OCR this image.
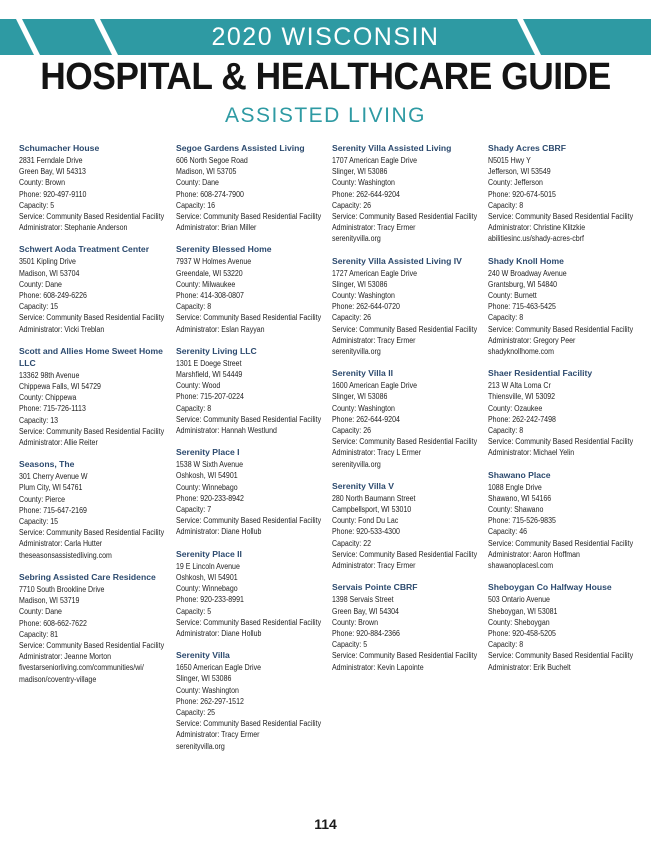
2020 WISCONSIN
HOSPITAL & HEALTHCARE GUIDE
ASSISTED LIVING
Schumacher House
2831 Ferndale Drive
Green Bay, WI 54313
County: Brown
Phone: 920-497-9110
Capacity: 5
Service: Community Based Residential Facility
Administrator: Stephanie Anderson
Schwert Aoda Treatment Center
3501 Kipling Drive
Madison, WI 53704
County: Dane
Phone: 608-249-6226
Capacity: 15
Service: Community Based Residential Facility
Administrator: Vicki Treblan
Scott and Allies Home Sweet Home LLC
13362 98th Avenue
Chippewa Falls, WI 54729
County: Chippewa
Phone: 715-726-1113
Capacity: 13
Service: Community Based Residential Facility
Administrator: Allie Reiter
Seasons, The
301 Cherry Avenue W
Plum City, WI 54761
County: Pierce
Phone: 715-647-2169
Capacity: 15
Service: Community Based Residential Facility
Administrator: Carla Hutter
theseasonsassistedliving.com
Sebring Assisted Care Residence
7710 South Brookline Drive
Madison, WI 53719
County: Dane
Phone: 608-662-7622
Capacity: 81
Service: Community Based Residential Facility
Administrator: Jeanne Morton
fivestarseniorliving.com/communities/wi/
madison/coventry-village
Segoe Gardens Assisted Living
606 North Segoe Road
Madison, WI 53705
County: Dane
Phone: 608-274-7900
Capacity: 16
Service: Community Based Residential Facility
Administrator: Brian Miller
Serenity Blessed Home
7937 W Holmes Avenue
Greendale, WI 53220
County: Milwaukee
Phone: 414-308-0807
Capacity: 8
Service: Community Based Residential Facility
Administrator: Eslan Rayyan
Serenity Living LLC
1301 E Doege Street
Marshfield, WI 54449
County: Wood
Phone: 715-207-0224
Capacity: 8
Service: Community Based Residential Facility
Administrator: Hannah Westlund
Serenity Place I
1538 W Sixth Avenue
Oshkosh, WI 54901
County: Winnebago
Phone: 920-233-8942
Capacity: 7
Service: Community Based Residential Facility
Administrator: Diane Hollub
Serenity Place II
19 E Lincoln Avenue
Oshkosh, WI 54901
County: Winnebago
Phone: 920-233-8991
Capacity: 5
Service: Community Based Residential Facility
Administrator: Diane Hollub
Serenity Villa
1650 American Eagle Drive
Slinger, WI 53086
County: Washington
Phone: 262-297-1512
Capacity: 25
Service: Community Based Residential Facility
Administrator: Tracy Ermer
serenityvilla.org
Serenity Villa Assisted Living
1707 American Eagle Drive
Slinger, WI 53086
County: Washington
Phone: 262-644-9204
Capacity: 26
Service: Community Based Residential Facility
Administrator: Tracy Ermer
serenityvilla.org
Serenity Villa Assisted Living IV
1727 American Eagle Drive
Slinger, WI 53086
County: Washington
Phone: 262-644-0720
Capacity: 26
Service: Community Based Residential Facility
Administrator: Tracy Ermer
serenityvilla.org
Serenity Villa II
1600 American Eagle Drive
Slinger, WI 53086
County: Washington
Phone: 262-644-9204
Capacity: 26
Service: Community Based Residential Facility
Administrator: Tracy L Ermer
serenityvilla.org
Serenity Villa V
280 North Baumann Street
Campbellsport, WI 53010
County: Fond Du Lac
Phone: 920-533-4300
Capacity: 22
Service: Community Based Residential Facility
Administrator: Tracy Ermer
Servais Pointe CBRF
1398 Servais Street
Green Bay, WI 54304
County: Brown
Phone: 920-884-2366
Capacity: 5
Service: Community Based Residential Facility
Administrator: Kevin Lapointe
Shady Acres CBRF
N5015 Hwy Y
Jefferson, WI 53549
County: Jefferson
Phone: 920-674-5015
Capacity: 8
Service: Community Based Residential Facility
Administrator: Christine Klitzkie
abilitiesinc.us/shady-acres-cbrf
Shady Knoll Home
240 W Broadway Avenue
Grantsburg, WI 54840
County: Burnett
Phone: 715-463-5425
Capacity: 8
Service: Community Based Residential Facility
Administrator: Gregory Peer
shadyknollhome.com
Shaer Residential Facility
213 W Alta Loma Cr
Thiensville, WI 53092
County: Ozaukee
Phone: 262-242-7498
Capacity: 8
Service: Community Based Residential Facility
Administrator: Michael Yelin
Shawano Place
1088 Engle Drive
Shawano, WI 54166
County: Shawano
Phone: 715-526-9835
Capacity: 46
Service: Community Based Residential Facility
Administrator: Aaron Hoffman
shawanoplacesl.com
Sheboygan Co Halfway House
503 Ontario Avenue
Sheboygan, WI 53081
County: Sheboygan
Phone: 920-458-5205
Capacity: 8
Service: Community Based Residential Facility
Administrator: Erik Buchelt
114
